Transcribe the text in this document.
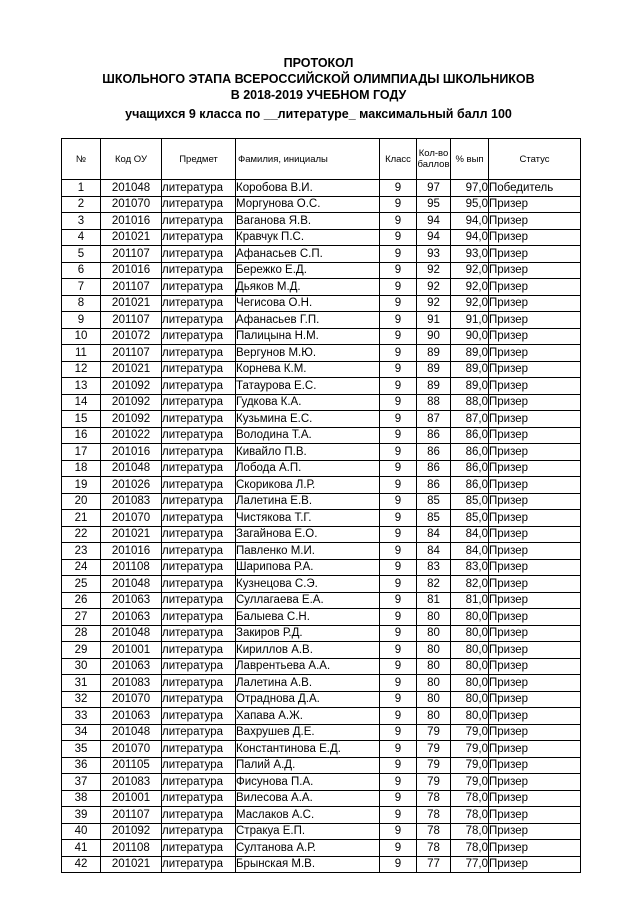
ПРОТОКОЛ
ШКОЛЬНОГО ЭТАПА ВСЕРОССИЙСКОЙ ОЛИМПИАДЫ ШКОЛЬНИКОВ
В 2018-2019 УЧЕБНОМ ГОДУ
учащихся 9 класса по __литературе_ максимальный балл 100
№	Код ОУ	Предмет	Фамилия, инициалы	Класс	Кол-во баллов	% вып	Статус
1	201048	литература	Коробова В.И.	9	97	97,0	Победитель
2	201070	литература	Моргунова О.С.	9	95	95,0	Призер
3	201016	литература	Ваганова Я.В.	9	94	94,0	Призер
4	201021	литература	Кравчук П.С.	9	94	94,0	Призер
5	201107	литература	Афанасьев С.П.	9	93	93,0	Призер
6	201016	литература	Бережко Е.Д.	9	92	92,0	Призер
7	201107	литература	Дьяков М.Д.	9	92	92,0	Призер
8	201021	литература	Чегисова О.Н.	9	92	92,0	Призер
9	201107	литература	Афанасьев Г.П.	9	91	91,0	Призер
10	201072	литература	Палицына Н.М.	9	90	90,0	Призер
11	201107	литература	Вергунов М.Ю.	9	89	89,0	Призер
12	201021	литература	Корнева К.М.	9	89	89,0	Призер
13	201092	литература	Татаурова Е.С.	9	89	89,0	Призер
14	201092	литература	Гудкова К.А.	9	88	88,0	Призер
15	201092	литература	Кузьмина Е.С.	9	87	87,0	Призер
16	201022	литература	Володина Т.А.	9	86	86,0	Призер
17	201016	литература	Кивайло П.В.	9	86	86,0	Призер
18	201048	литература	Лобода А.П.	9	86	86,0	Призер
19	201026	литература	Скорикова Л.Р.	9	86	86,0	Призер
20	201083	литература	Лалетина Е.В.	9	85	85,0	Призер
21	201070	литература	Чистякова Т.Г.	9	85	85,0	Призер
22	201021	литература	Загайнова Е.О.	9	84	84,0	Призер
23	201016	литература	Павленко М.И.	9	84	84,0	Призер
24	201108	литература	Шарипова Р.А.	9	83	83,0	Призер
25	201048	литература	Кузнецова С.Э.	9	82	82,0	Призер
26	201063	литература	Суллагаева Е.А.	9	81	81,0	Призер
27	201063	литература	Балыева С.Н.	9	80	80,0	Призер
28	201048	литература	Закиров Р.Д.	9	80	80,0	Призер
29	201001	литература	Кириллов А.В.	9	80	80,0	Призер
30	201063	литература	Лаврентьева А.А.	9	80	80,0	Призер
31	201083	литература	Лалетина А.В.	9	80	80,0	Призер
32	201070	литература	Отраднова Д.А.	9	80	80,0	Призер
33	201063	литература	Хапава А.Ж.	9	80	80,0	Призер
34	201048	литература	Вахрушев Д.Е.	9	79	79,0	Призер
35	201070	литература	Константинова Е.Д.	9	79	79,0	Призер
36	201105	литература	Палий А.Д.	9	79	79,0	Призер
37	201083	литература	Фисунова П.А.	9	79	79,0	Призер
38	201001	литература	Вилесова А.А.	9	78	78,0	Призер
39	201107	литература	Маслаков А.С.	9	78	78,0	Призер
40	201092	литература	Стракуа Е.П.	9	78	78,0	Призер
41	201108	литература	Султанова А.Р.	9	78	78,0	Призер
42	201021	литература	Брынская М.В.	9	77	77,0	Призер
